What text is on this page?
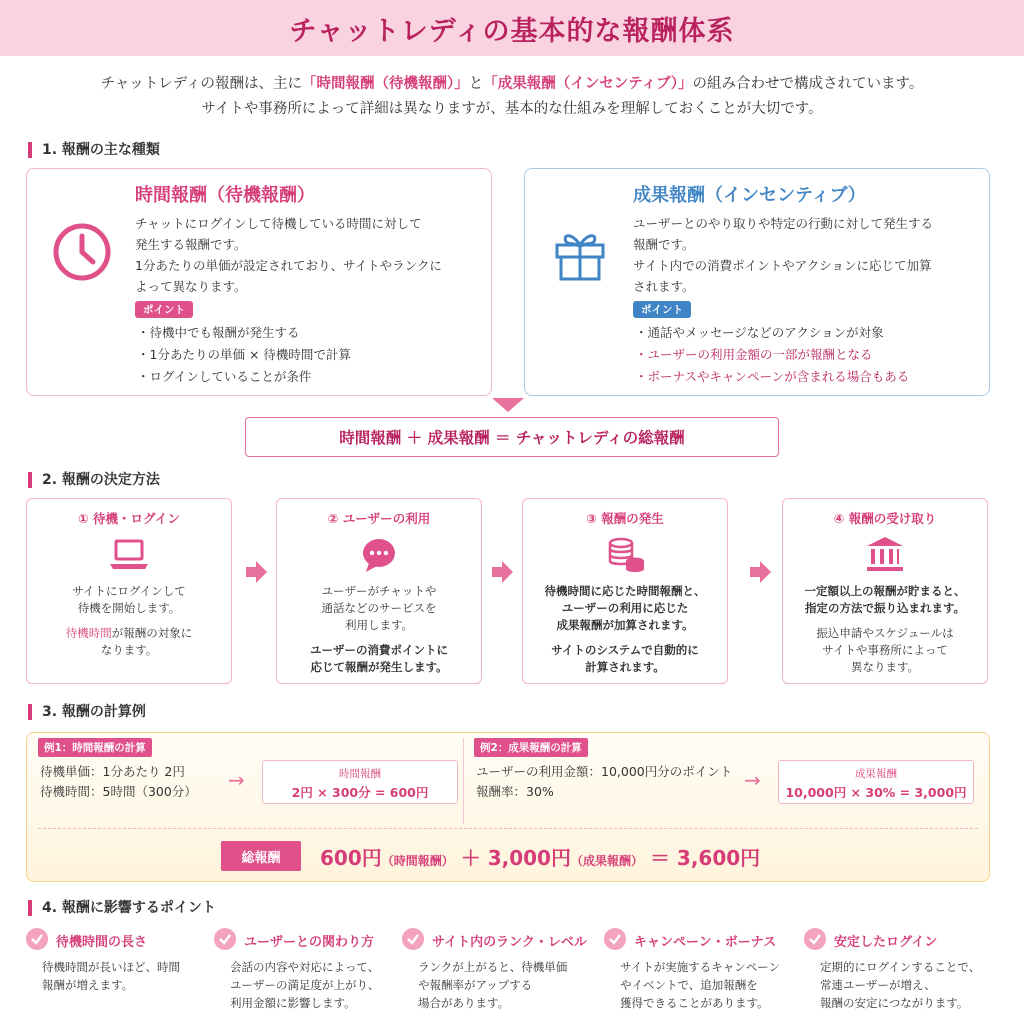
チャットレディの基本的な報酬体系
チャットレディの報酬は、主に「時間報酬（待機報酬）」と「成果報酬（インセンティブ）」の組み合わせで構成されています。
サイトや事務所によって詳細は異なりますが、基本的な仕組みを理解しておくことが大切です。
1. 報酬の主な種類
時間報酬（待機報酬）
チャットにログインして待機している時間に対して
発生する報酬です。
1分あたりの単価が設定されており、サイトやランクに
よって異なります。
ポイント
・ 待機中でも報酬が発生する
・ 1分あたりの単価 × 待機時間で計算
・ ログインしていることが条件
成果報酬（インセンティブ）
ユーザーとのやり取りや特定の行動に対して発生する
報酬です。
サイト内での消費ポイントやアクションに応じて加算
されます。
ポイント
・ 通話やメッセージなどのアクションが対象
・ ユーザーの利用金額の一部が報酬となる
・ ボーナスやキャンペーンが含まれる場合もある
時間報酬 ＋ 成果報酬 ＝ チャットレディの総報酬
2. 報酬の決定方法
① 待機・ログイン
サイトにログインして
待機を開始します。
待機時間が報酬の対象に
なります。
② ユーザーの利用
ユーザーがチャットや
通話などのサービスを
利用します。
ユーザーの消費ポイントに
応じて報酬が発生します。
③ 報酬の発生
待機時間に応じた時間報酬と、
ユーザーの利用に応じた
成果報酬が加算されます。
サイトのシステムで自動的に
計算されます。
④ 報酬の受け取り
一定額以上の報酬が貯まると、
指定の方法で振り込まれます。
振込申請やスケジュールは
サイトや事務所によって
異なります。
3. 報酬の計算例
例1：時間報酬の計算
待機単価：1分あたり 2円
待機時間：5時間（300分） →	時間報酬
2円 × 300分 = 600円
例2：成果報酬の計算
ユーザーの利用金額：10,000円分のポイント
報酬率：30%	→	成果報酬
10,000円 × 30% = 3,000円
総報酬	600円（時間報酬） ＋ 3,000円（成果報酬） ＝ 3,600円
4. 報酬に影響するポイント
待機時間の長さ
待機時間が長いほど、時間
報酬が増えます。
ユーザーとの関わり方
会話の内容や対応によって、
ユーザーの満足度が上がり、
利用金額に影響します。
サイト内のランク・レベル
ランクが上がると、待機単価
や報酬率がアップする
場合があります。
キャンペーン・ボーナス
サイトが実施するキャンペーン
やイベントで、追加報酬を
獲得できることがあります。
安定したログイン
定期的にログインすることで、
常連ユーザーが増え、
報酬の安定につながります。
